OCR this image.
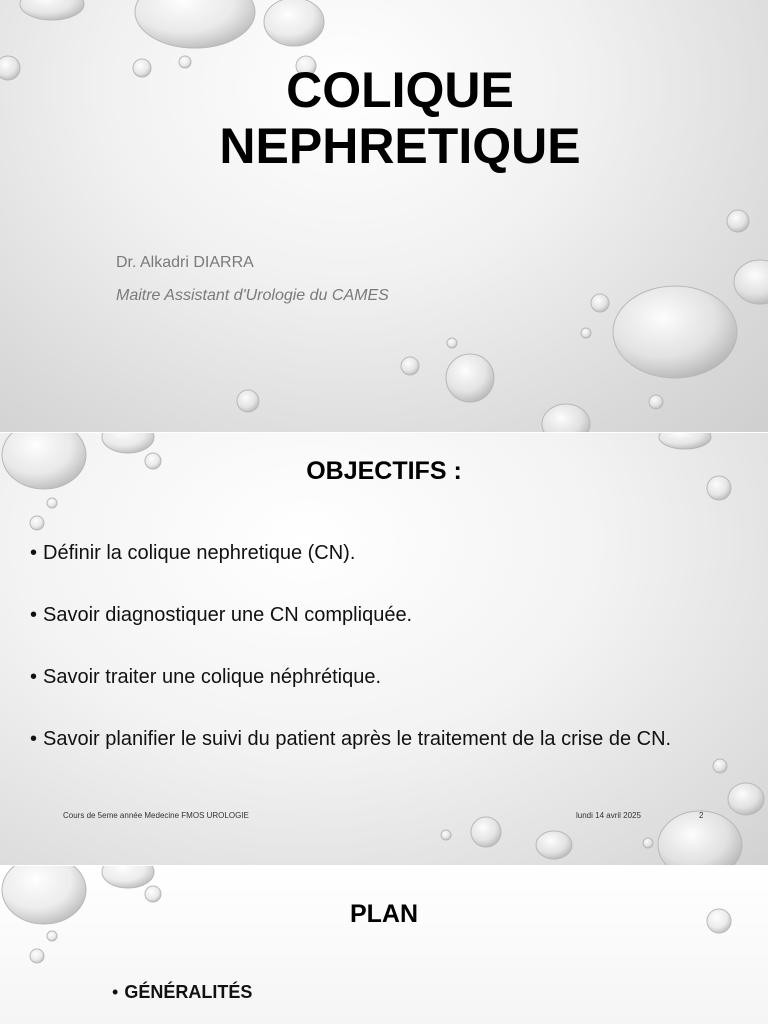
COLIQUE
NEPHRETIQUE
Dr. Alkadri DIARRA
Maitre Assistant d'Urologie du CAMES
OBJECTIFS :
• Définir la colique nephretique (CN).
• Savoir diagnostiquer une CN compliquée.
• Savoir traiter une colique néphrétique.
• Savoir planifier le suivi du patient après le traitement de la crise de CN.
Cours de 5eme année Medecine FMOS UROLOGIE	lundi 14 avril 2025	2
PLAN
• GÉNÉRALITÉS
